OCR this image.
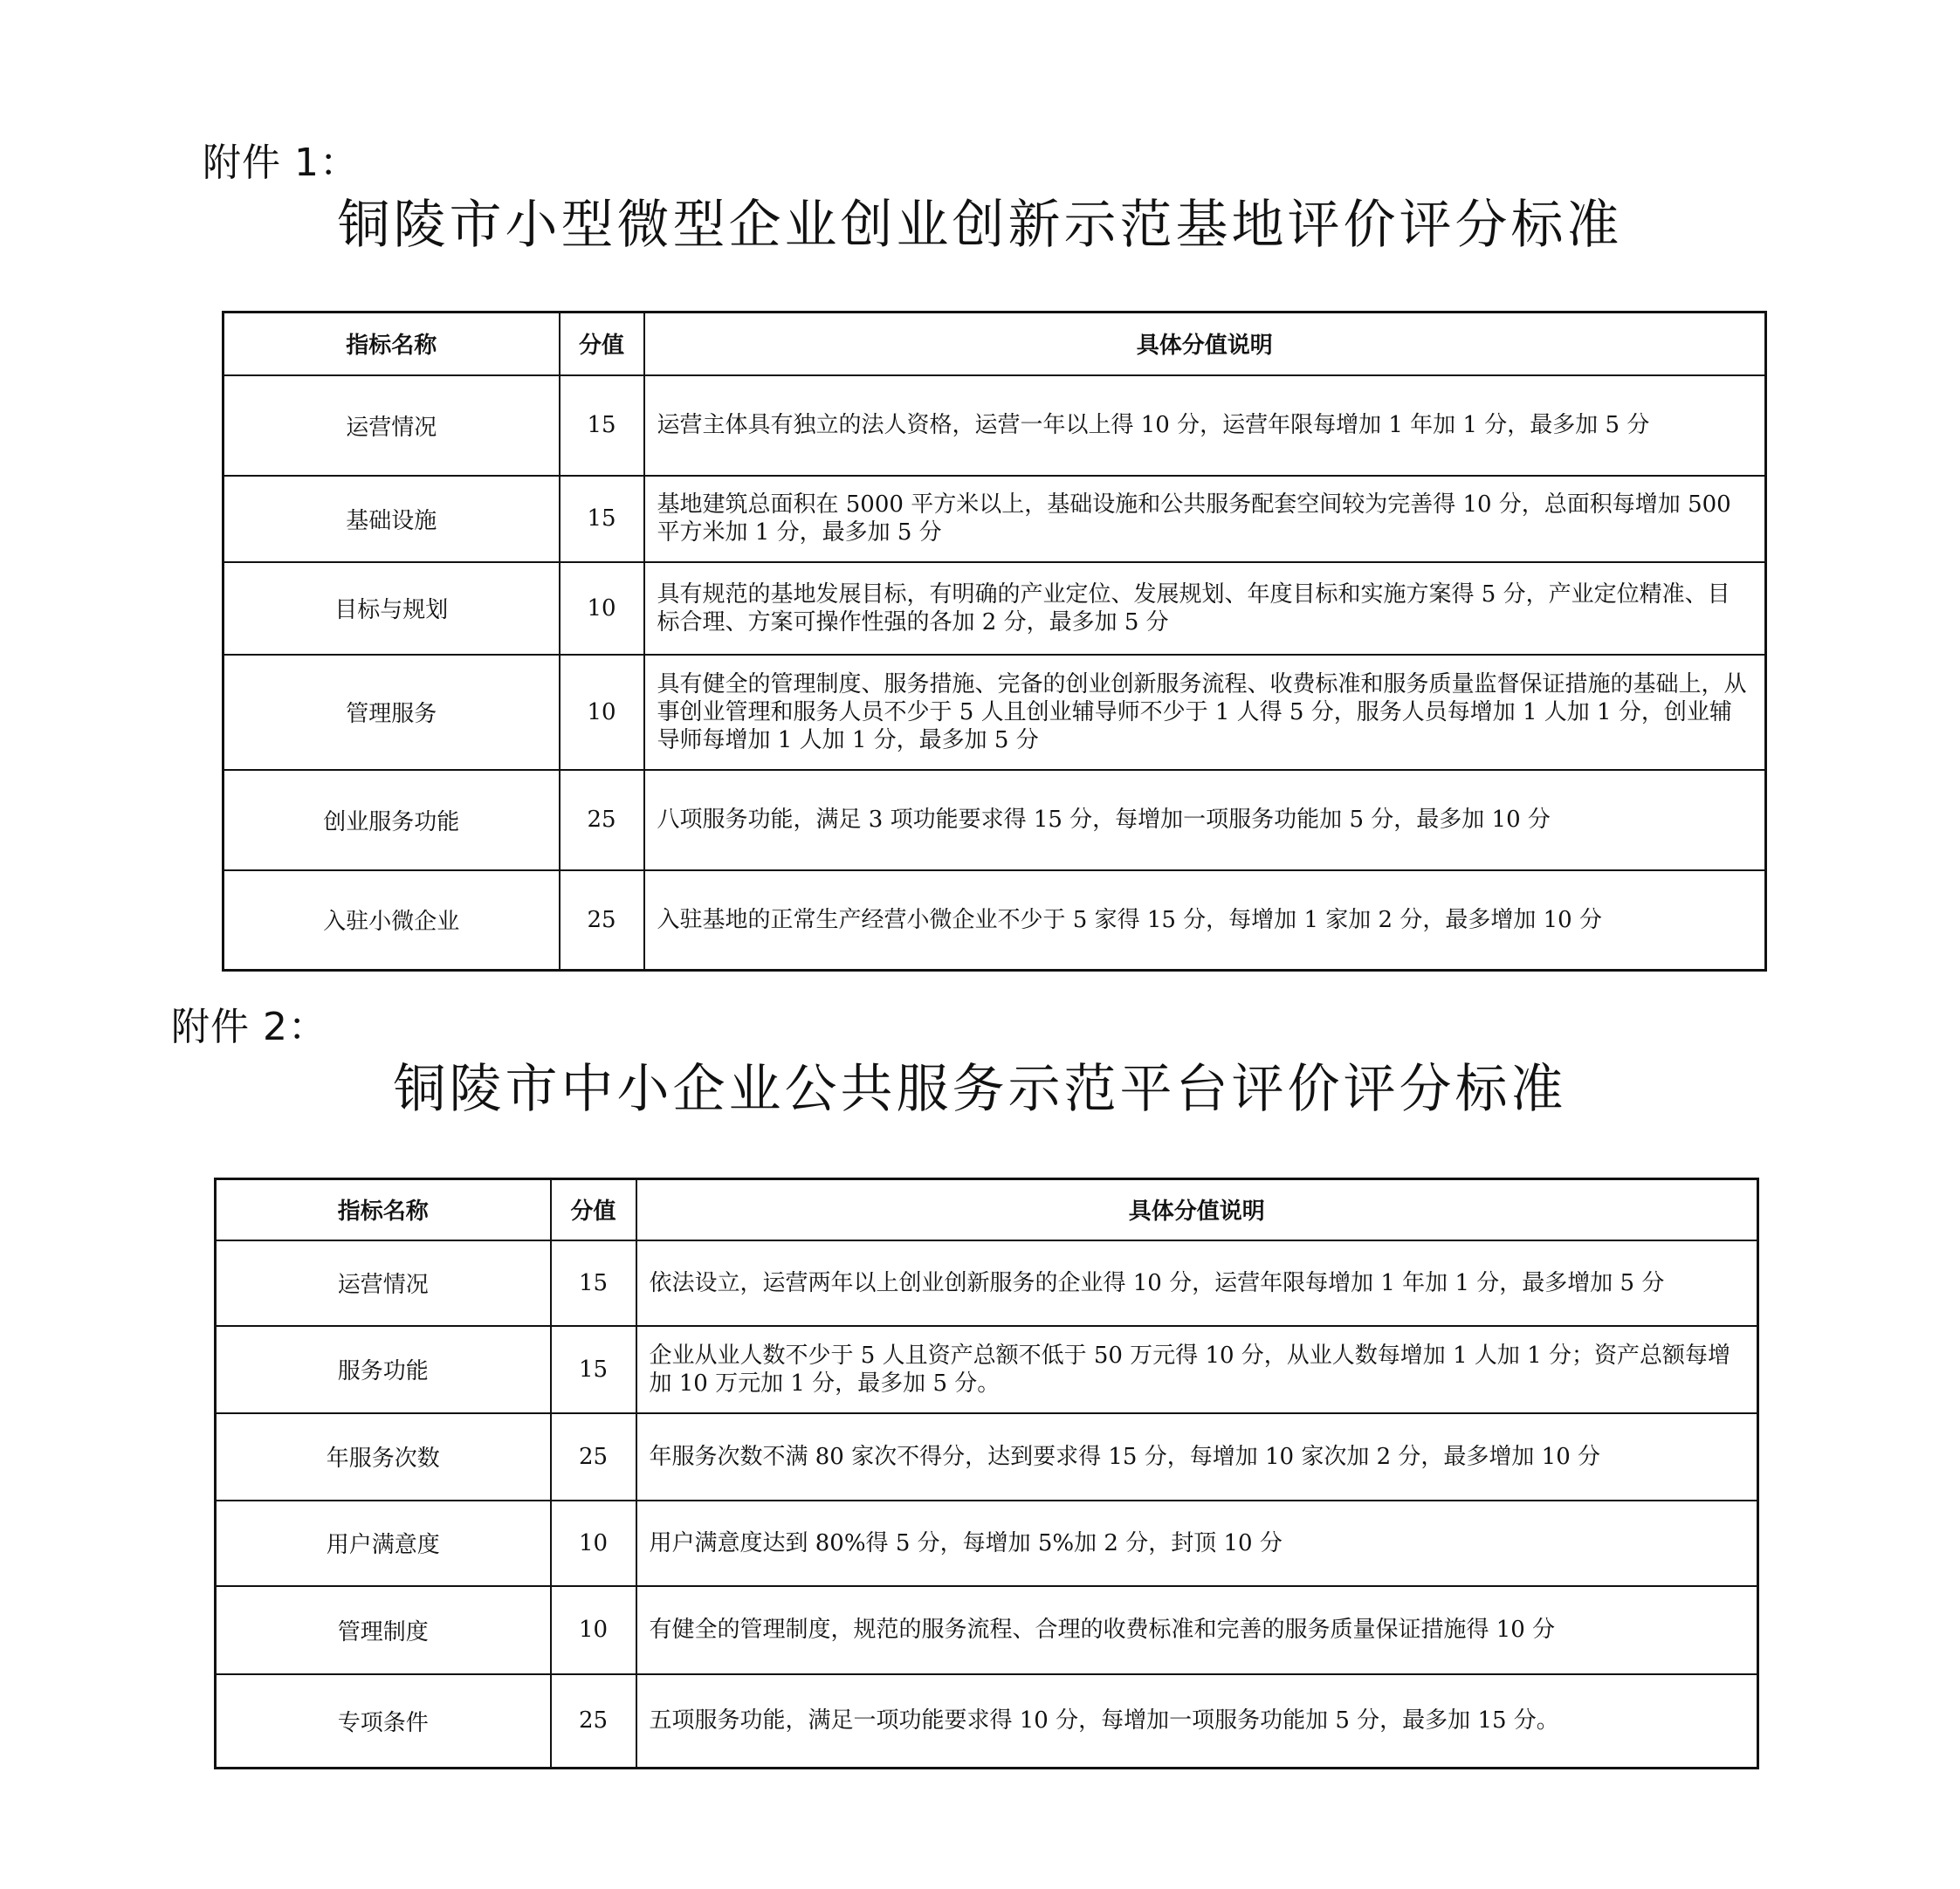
附件 1：
铜陵市小型微型企业创业创新示范基地评价评分标准
指标名称	分值	具体分值说明
运营情况	15	运营主体具有独立的法人资格，运营一年以上得 10 分，运营年限每增加 1 年加 1 分，最多加 5 分
基础设施	15	基地建筑总面积在 5000 平方米以上，基础设施和公共服务配套空间较为完善得 10 分，总面积每增加 500 平方米加 1 分，最多加 5 分
目标与规划	10	具有规范的基地发展目标，有明确的产业定位、发展规划、年度目标和实施方案得 5 分，产业定位精准、目标合理、方案可操作性强的各加 2 分，最多加 5 分
管理服务	10	具有健全的管理制度、服务措施、完备的创业创新服务流程、收费标准和服务质量监督保证措施的基础上，从事创业管理和服务人员不少于 5 人且创业辅导师不少于 1 人得 5 分，服务人员每增加 1 人加 1 分，创业辅导师每增加 1 人加 1 分，最多加 5 分
创业服务功能	25	八项服务功能，满足 3 项功能要求得 15 分，每增加一项服务功能加 5 分，最多加 10 分
入驻小微企业	25	入驻基地的正常生产经营小微企业不少于 5 家得 15 分，每增加 1 家加 2 分，最多增加 10 分
附件 2：
铜陵市中小企业公共服务示范平台评价评分标准
指标名称	分值	具体分值说明
运营情况	15	依法设立，运营两年以上创业创新服务的企业得 10 分，运营年限每增加 1 年加 1 分，最多增加 5 分
服务功能	15	企业从业人数不少于 5 人且资产总额不低于 50 万元得 10 分，从业人数每增加 1 人加 1 分；资产总额每增加 10 万元加 1 分，最多加 5 分。
年服务次数	25	年服务次数不满 80 家次不得分，达到要求得 15 分，每增加 10 家次加 2 分，最多增加 10 分
用户满意度	10	用户满意度达到 80%得 5 分，每增加 5%加 2 分，封顶 10 分
管理制度	10	有健全的管理制度，规范的服务流程、合理的收费标准和完善的服务质量保证措施得 10 分
专项条件	25	五项服务功能，满足一项功能要求得 10 分，每增加一项服务功能加 5 分，最多加 15 分。
